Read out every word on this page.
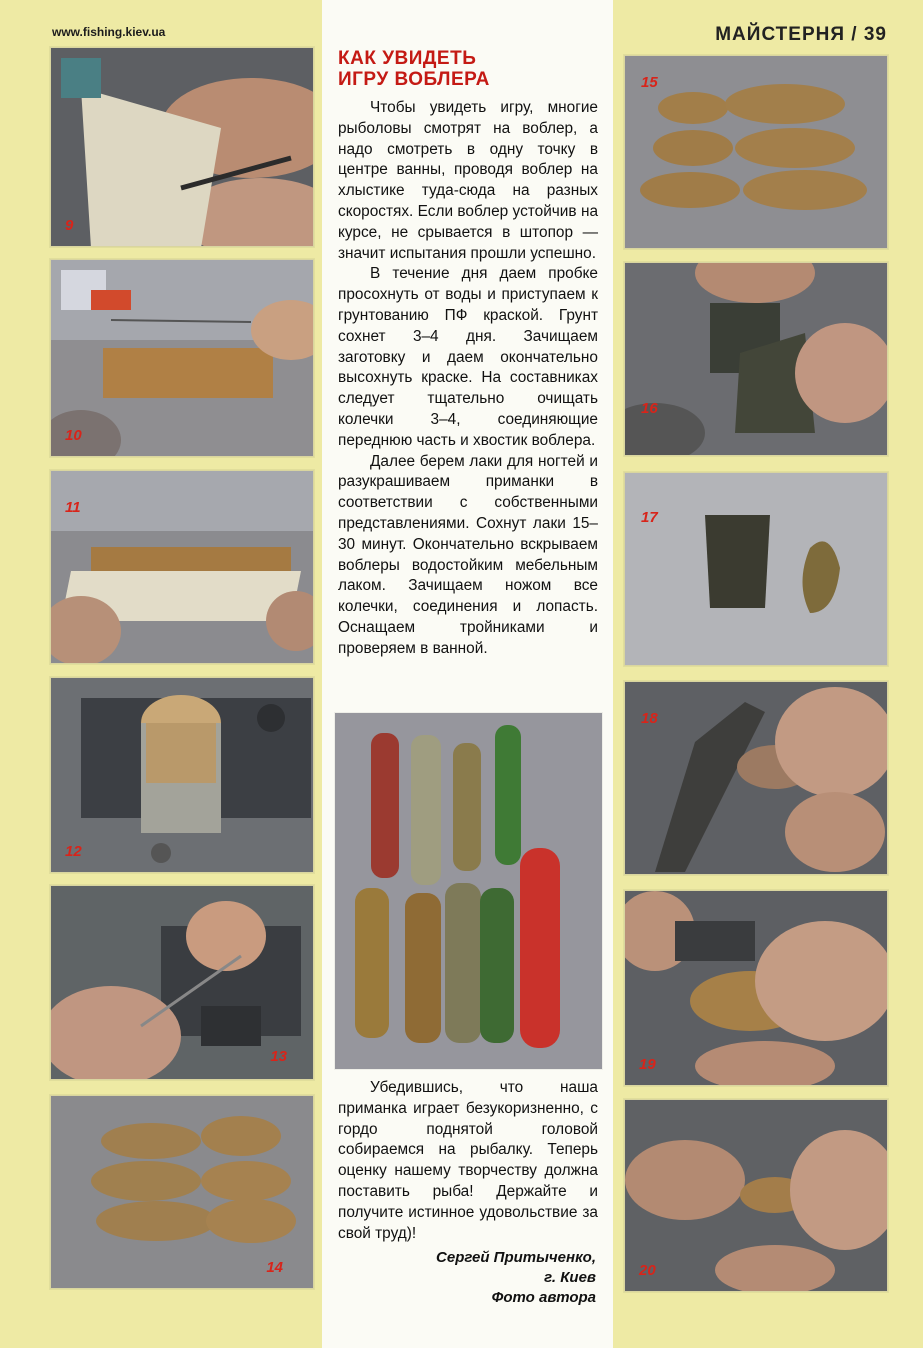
www.fishing.kiev.ua	МАЙСТЕРНЯ / 39
9
10
11
12
13
14
15
16
17
18
19
20
КАК УВИДЕТЬ
ИГРУ ВОБЛЕРА

Чтобы увидеть игру, многие рыболовы смотрят на воблер, а надо смотреть в одну точку в центре ванны, проводя воблер на хлыстике туда-сюда на разных скоростях. Если воблер устойчив на курсе, не срывается в штопор — значит испытания прошли успешно.

В течение дня даем пробке просохнуть от воды и приступаем к грунтованию ПФ краской. Грунт сохнет 3–4 дня. Зачищаем заготовку и даем окончательно высохнуть краске. На составниках следует тщательно очищать колечки 3–4, соединяющие переднюю часть и хвостик воблера.

Далее берем лаки для ногтей и разукрашиваем приманки в соответствии с собственными представлениями. Сохнут лаки 15–30 минут. Окончательно вскрываем воблеры водостойким мебельным лаком. Зачищаем ножом все колечки, соединения и лопасть. Оснащаем тройниками и проверяем в ванной.

Убедившись, что наша приманка играет безукоризненно, с гордо поднятой головой собираемся на рыбалку. Теперь оценку нашему творчеству должна поставить рыба! Держайте и получите истинное удовольствие за свой труд)!

Сергей Притыченко,
г. Киев
Фото автора
